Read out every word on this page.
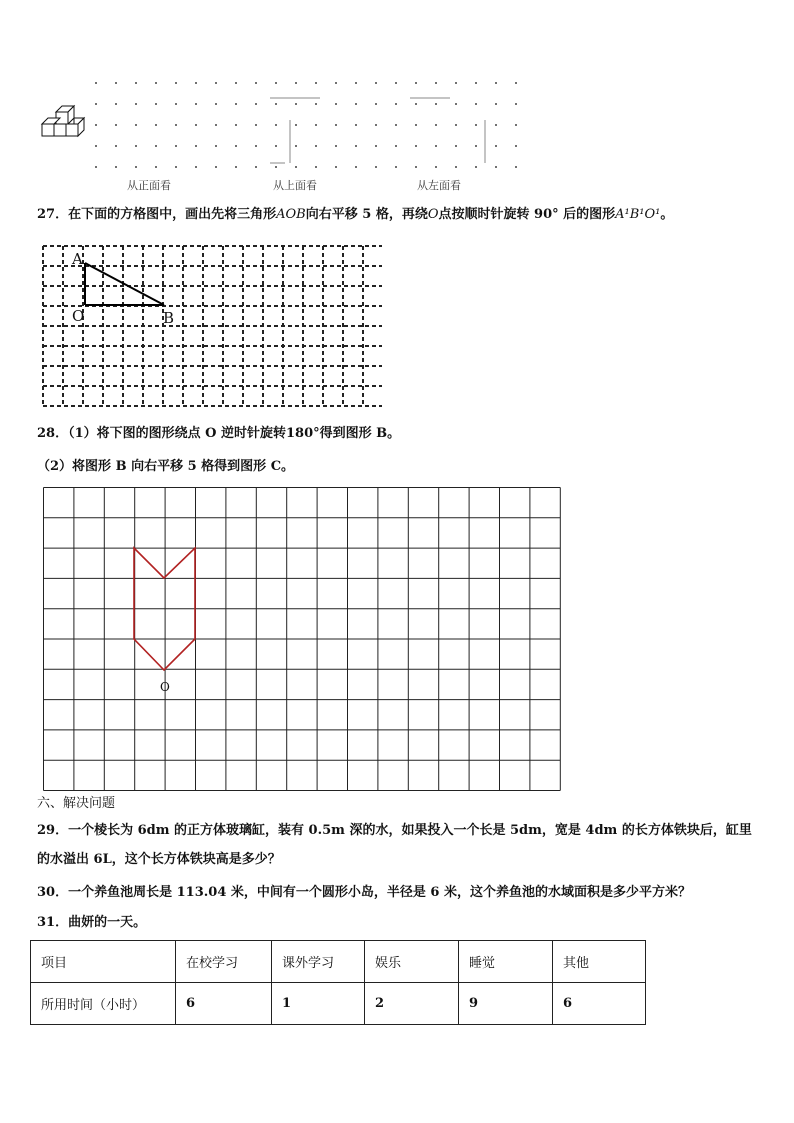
从正面看	从上面看	从左面看
27．在下面的方格图中，画出先将三角形AOB向右平移 5 格，再绕O点按顺时针旋转 90° 后的图形A¹B¹O¹。
A
O	B
28．（1）将下图的图形绕点 O 逆时针旋转180°得到图形 B。
（2）将图形 B 向右平移 5 格得到图形 C。
O
六、解决问题
29．一个棱长为 6dm 的正方体玻璃缸，装有 0.5m 深的水，如果投入一个长是 5dm，宽是 4dm 的长方体铁块后，缸里
的水溢出 6L，这个长方体铁块高是多少？
30．一个养鱼池周长是 113.04 米，中间有一个圆形小岛，半径是 6 米，这个养鱼池的水域面积是多少平方米？
31．曲妍的一天。
项目	在校学习	课外学习	娱乐	睡觉	其他
所用时间（小时）	6	1	2	9	6
